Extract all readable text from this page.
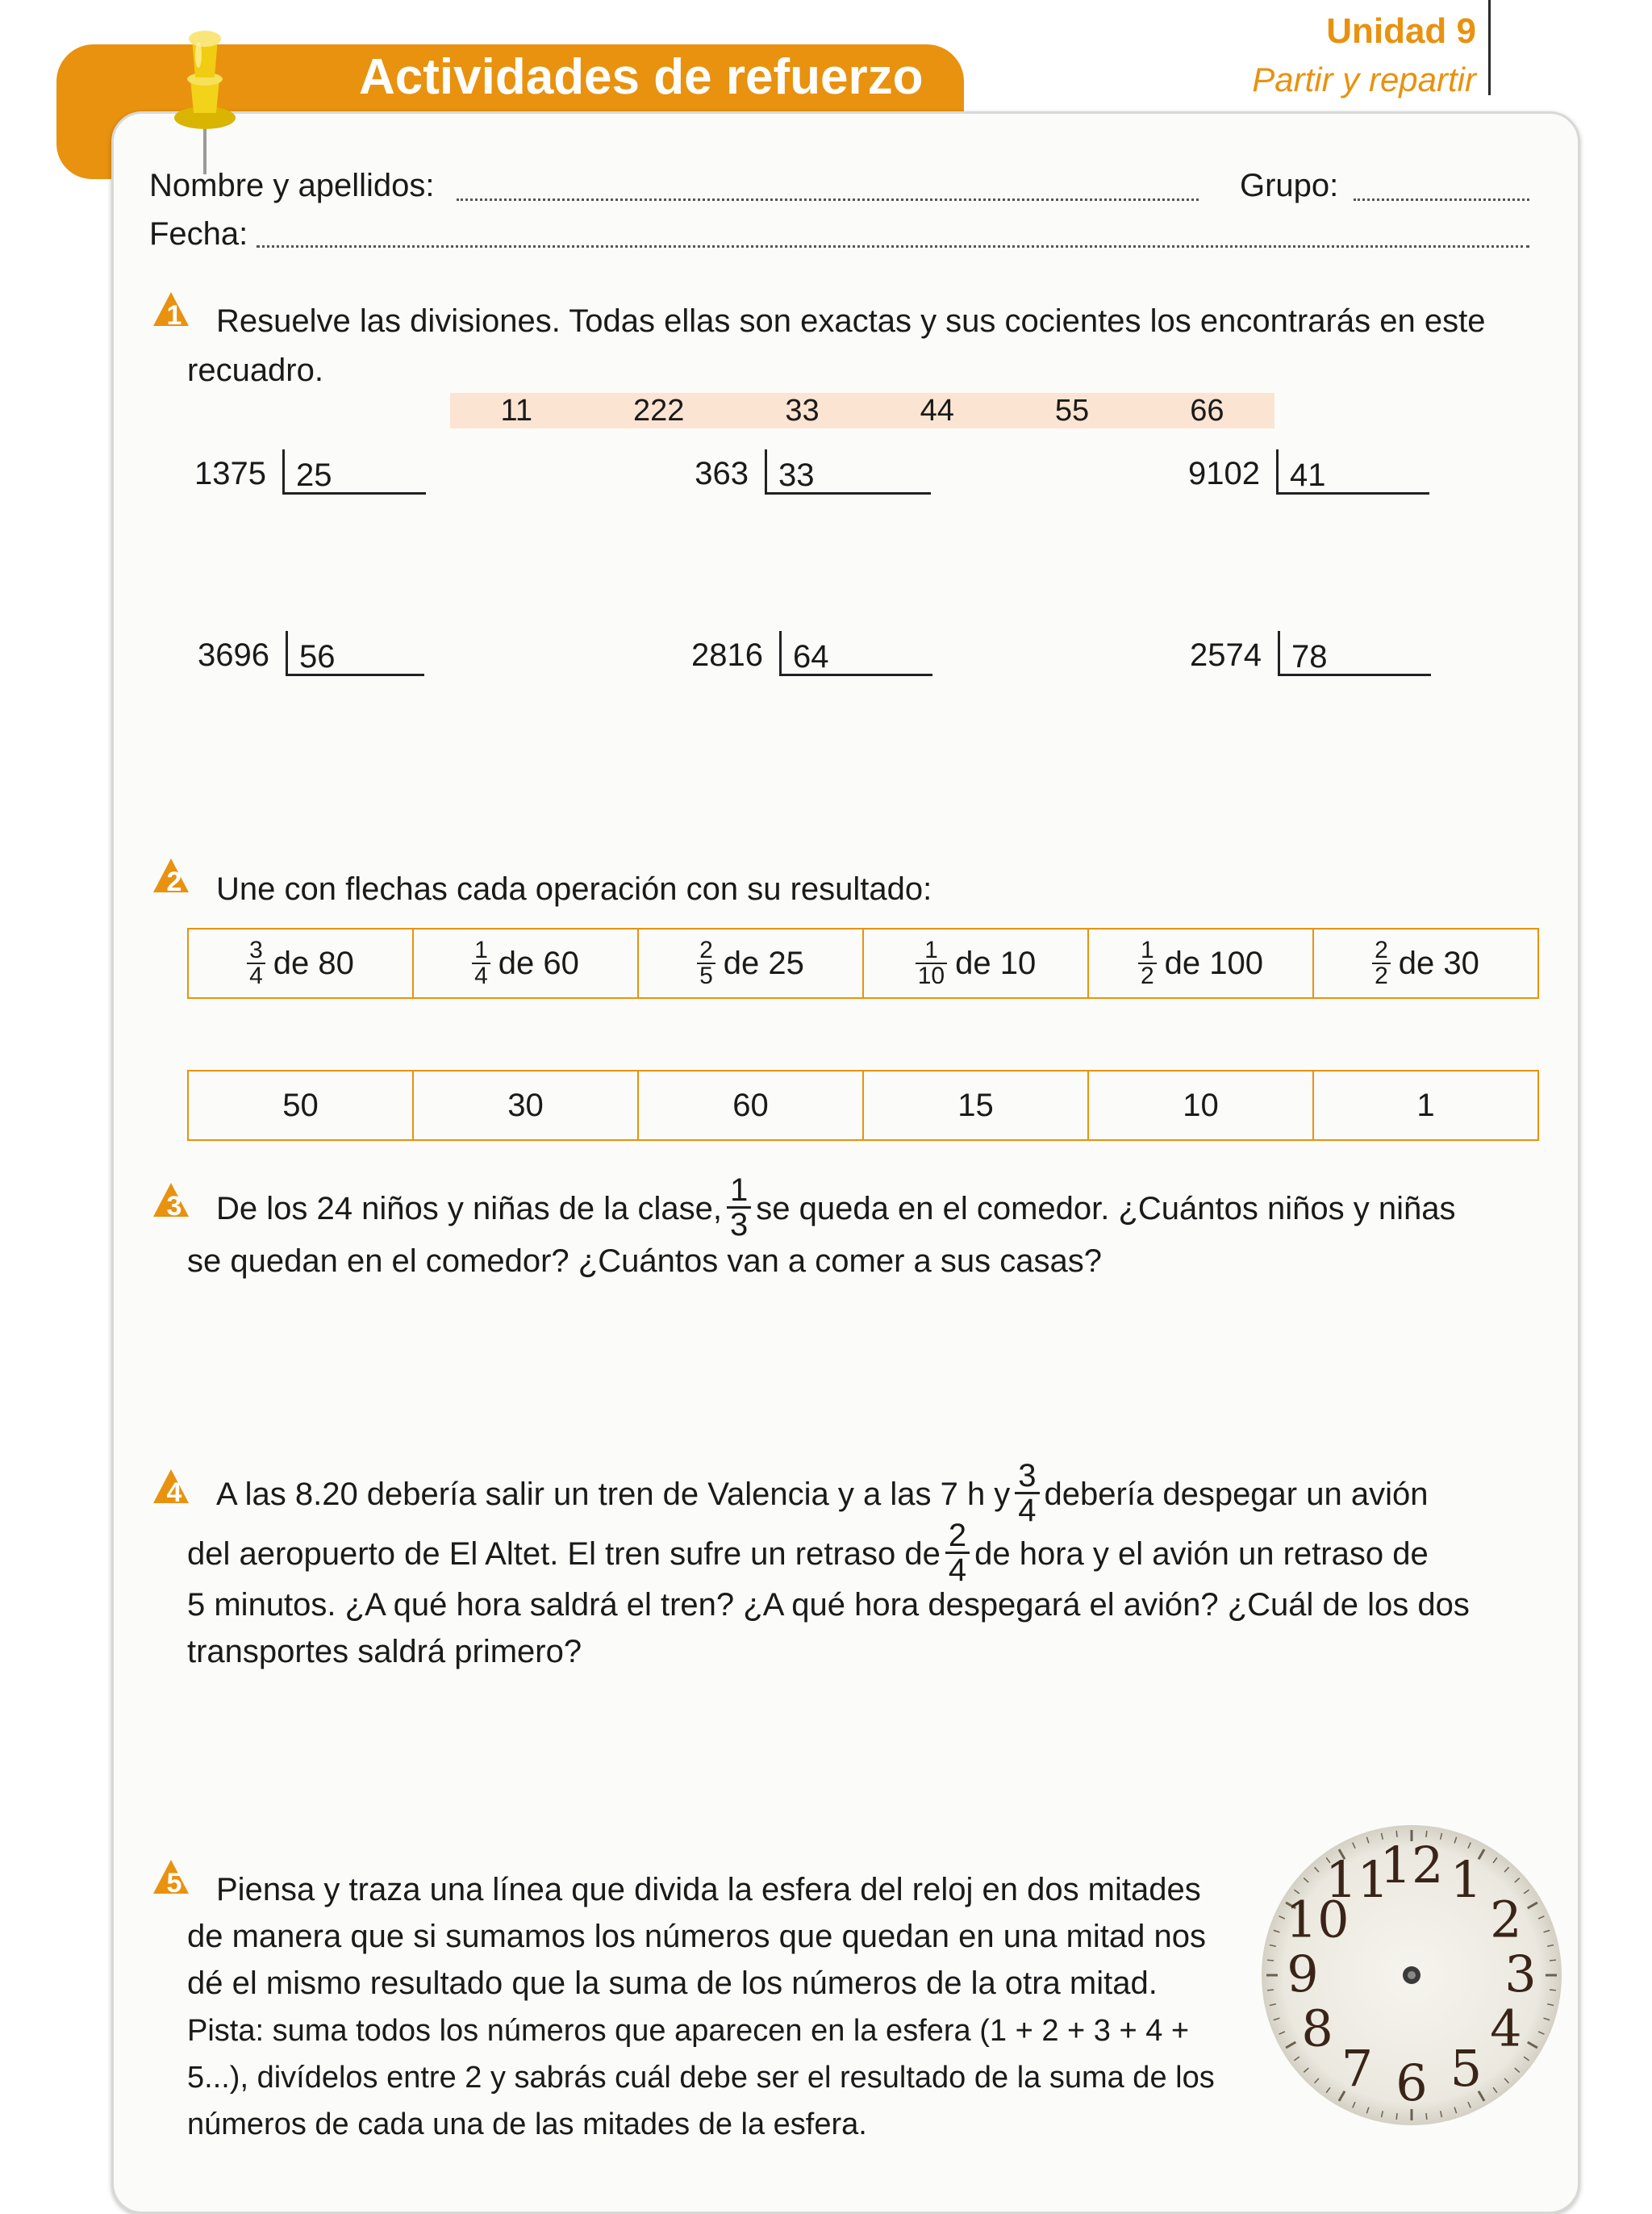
Actividades de refuerzo
Unidad 9
Partir y repartir
Nombre y apellidos:	Grupo:
Fecha:
1 Resuelve las divisiones. Todas ellas son exactas y sus cocientes los encontrarás en este
recuadro.
11	222	33	44	55	66
1375 25	363 33	9102 41
3696 56	2816 64	2574 78
2 Une con flechas cada operación con su resultado:
$\frac{3}{4}$ de 80	$\frac{1}{4}$ de 60	$\frac{2}{5}$ de 25	$\frac{1}{10}$ de 10	$\frac{1}{2}$ de 100	$\frac{2}{2}$ de 30
50	30	60	15	10	1
3 De los 24 niños y niñas de la clase, $\frac{1}{3}$ se queda en el comedor. ¿Cuántos niños y niñas
se quedan en el comedor? ¿Cuántos van a comer a sus casas?
4 A las 8.20 debería salir un tren de Valencia y a las 7 h y $\frac{3}{4}$ debería despegar un avión
del aeropuerto de El Altet. El tren sufre un retraso de $\frac{2}{4}$ de hora y el avión un retraso de
5 minutos. ¿A qué hora saldrá el tren? ¿A qué hora despegará el avión? ¿Cuál de los dos
transportes saldrá primero?
5 Piensa y traza una línea que divida la esfera del reloj en dos mitades
de manera que si sumamos los números que quedan en una mitad nos
dé el mismo resultado que la suma de los números de la otra mitad.
Pista: suma todos los números que aparecen en la esfera (1 + 2 + 3 + 4 +
5...), divídelos entre 2 y sabrás cuál debe ser el resultado de la suma de los
números de cada una de las mitades de la esfera.
12 1
2
3
4
5
6
7
8
9
10
11
